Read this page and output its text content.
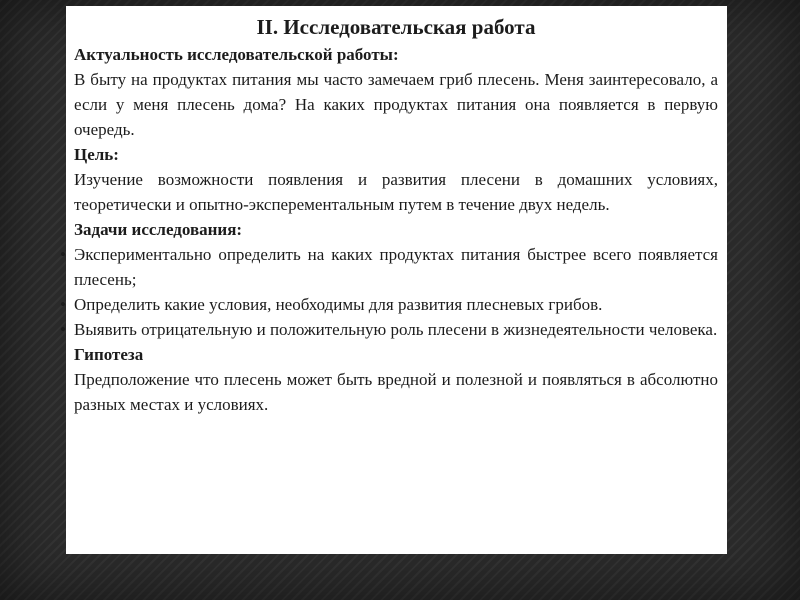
II. Исследовательская работа
Актуальность исследовательской работы:
В быту на продуктах питания мы часто замечаем гриб плесень. Меня заинтересовало, а если у меня плесень дома? На каких продуктах питания она появляется в первую очередь.
Цель:
Изучение возможности появления и развития плесени в домашних условиях, теоретически и опытно-эксперементальным путем в течение двух недель.
Задачи исследования:
• Экспериментально определить на каких продуктах питания быстрее всего появляется плесень;
• Определить какие условия, необходимы для развития плесневых грибов.
• Выявить отрицательную и положительную роль плесени в жизнедеятельности человека.
Гипотеза
Предположение что плесень может быть вредной и полезной и появляться в абсолютно разных местах и условиях.
